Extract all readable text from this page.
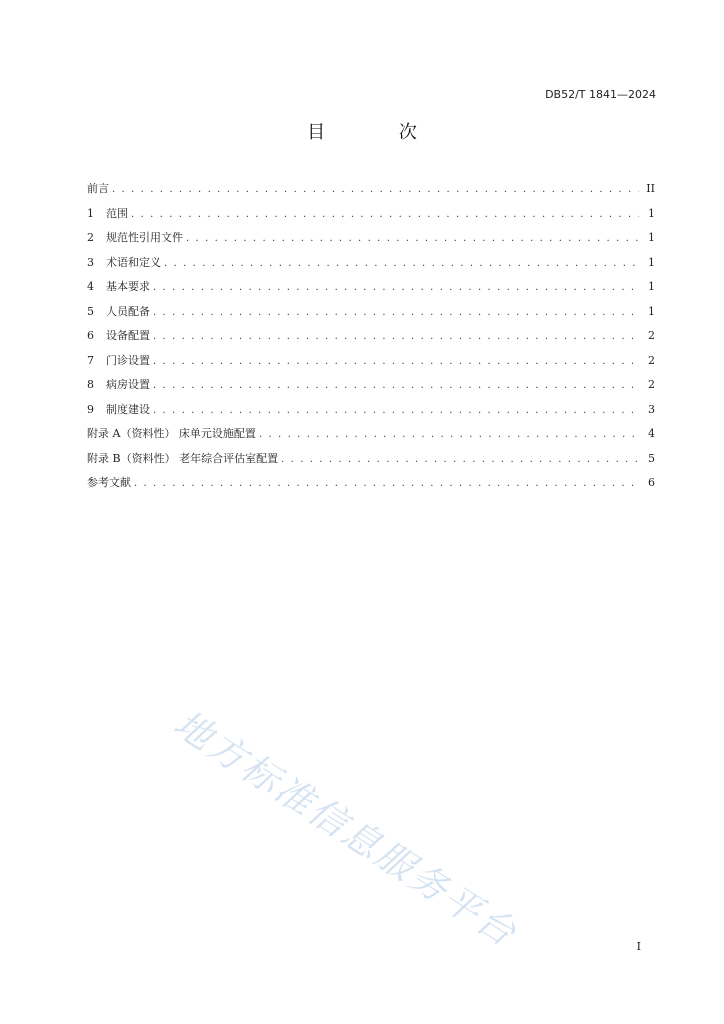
DB52/T 1841—2024
目 次
前言 . . .	II
1	范围 . . .	1
2	规范性引用文件 . . .	1
3	术语和定义 . . .	1
4	基本要求 . . .	1
5	人员配备 . . .	1
6	设备配置 . . .	2
7	门诊设置 . . .	2
8	病房设置 . . .	2
9	制度建设 . . .	3
附录 A（资料性） 床单元设施配置 . . .	4
附录 B（资料性） 老年综合评估室配置 . . .	5
参考文献 . . .	6
地方标准信息服务平台	I
